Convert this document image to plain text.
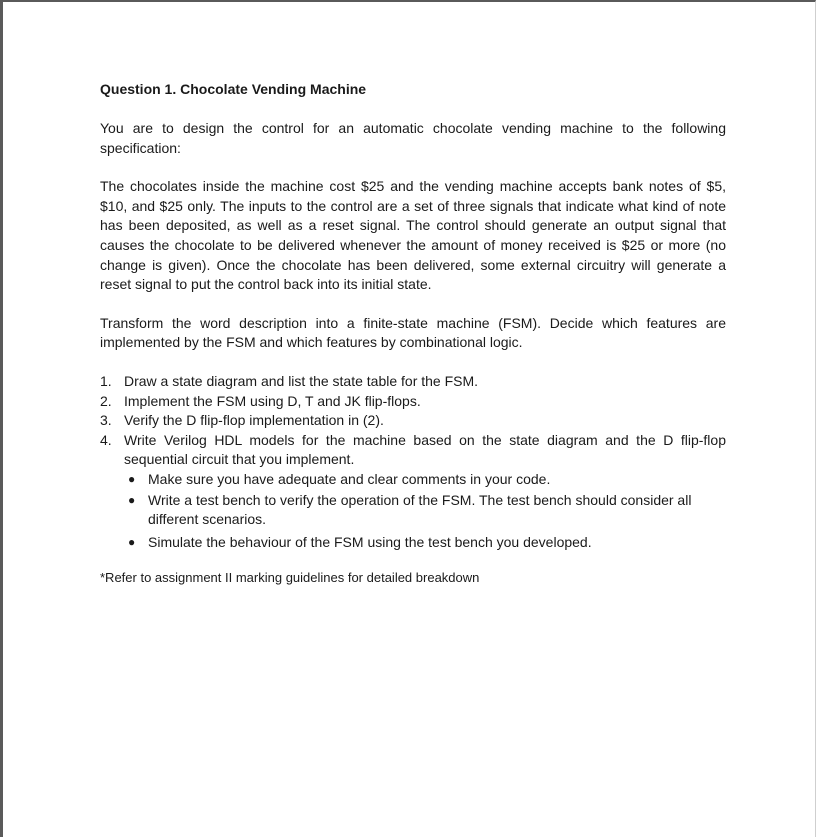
Question 1. Chocolate Vending Machine

You are to design the control for an automatic chocolate vending machine to the following specification:

The chocolates inside the machine cost $25 and the vending machine accepts bank notes of $5, $10, and $25 only. The inputs to the control are a set of three signals that indicate what kind of note has been deposited, as well as a reset signal. The control should generate an output signal that causes the chocolate to be delivered whenever the amount of money received is $25 or more (no change is given). Once the chocolate has been delivered, some external circuitry will generate a reset signal to put the control back into its initial state.

Transform the word description into a finite-state machine (FSM). Decide which features are implemented by the FSM and which features by combinational logic.

1. Draw a state diagram and list the state table for the FSM.
2. Implement the FSM using D, T and JK flip-flops.
3. Verify the D flip-flop implementation in (2).
4. Write Verilog HDL models for the machine based on the state diagram and the D flip-flop sequential circuit that you implement.
● Make sure you have adequate and clear comments in your code.
● Write a test bench to verify the operation of the FSM. The test bench should consider all different scenarios.
● Simulate the behaviour of the FSM using the test bench you developed.

*Refer to assignment II marking guidelines for detailed breakdown
